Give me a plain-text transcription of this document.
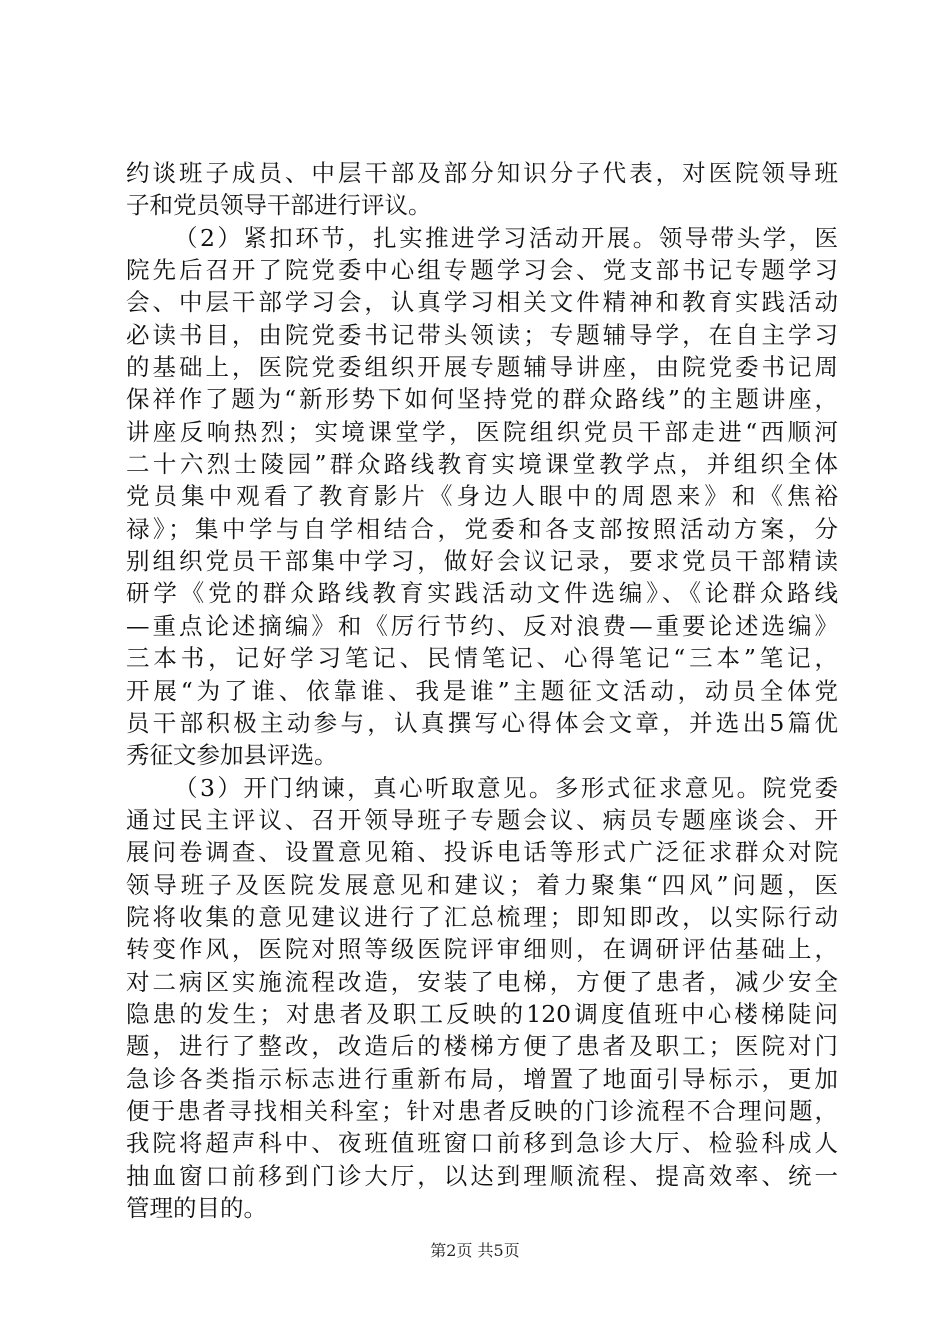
约谈班子成员、中层干部及部分知识分子代表，对医院领导班
子和党员领导干部进行评议。
（2）紧扣环节，扎实推进学习活动开展。领导带头学，医
院先后召开了院党委中心组专题学习会、党支部书记专题学习
会、中层干部学习会，认真学习相关文件精神和教育实践活动
必读书目，由院党委书记带头领读；专题辅导学，在自主学习
的基础上，医院党委组织开展专题辅导讲座，由院党委书记周
保祥作了题为“新形势下如何坚持党的群众路线”的主题讲座，
讲座反响热烈；实境课堂学，医院组织党员干部走进“西顺河
二十六烈士陵园”群众路线教育实境课堂教学点，并组织全体
党员集中观看了教育影片《身边人眼中的周恩来》和《焦裕
禄》；集中学与自学相结合，党委和各支部按照活动方案，分
别组织党员干部集中学习，做好会议记录，要求党员干部精读
研学《党的群众路线教育实践活动文件选编》、《论群众路线
—重点论述摘编》和《厉行节约、反对浪费—重要论述选编》
三本书，记好学习笔记、民情笔记、心得笔记“三本”笔记，
开展“为了谁、依靠谁、我是谁”主题征文活动，动员全体党
员干部积极主动参与，认真撰写心得体会文章，并选出5篇优
秀征文参加县评选。
（3）开门纳谏，真心听取意见。多形式征求意见。院党委
通过民主评议、召开领导班子专题会议、病员专题座谈会、开
展问卷调查、设置意见箱、投诉电话等形式广泛征求群众对院
领导班子及医院发展意见和建议；着力聚集“四风”问题，医
院将收集的意见建议进行了汇总梳理；即知即改，以实际行动
转变作风，医院对照等级医院评审细则，在调研评估基础上，
对二病区实施流程改造，安装了电梯，方便了患者，减少安全
隐患的发生；对患者及职工反映的120调度值班中心楼梯陡问
题，进行了整改，改造后的楼梯方便了患者及职工；医院对门
急诊各类指示标志进行重新布局，增置了地面引导标示，更加
便于患者寻找相关科室；针对患者反映的门诊流程不合理问题，
我院将超声科中、夜班值班窗口前移到急诊大厅、检验科成人
抽血窗口前移到门诊大厅，以达到理顺流程、提高效率、统一
管理的目的。
第2页 共5页
